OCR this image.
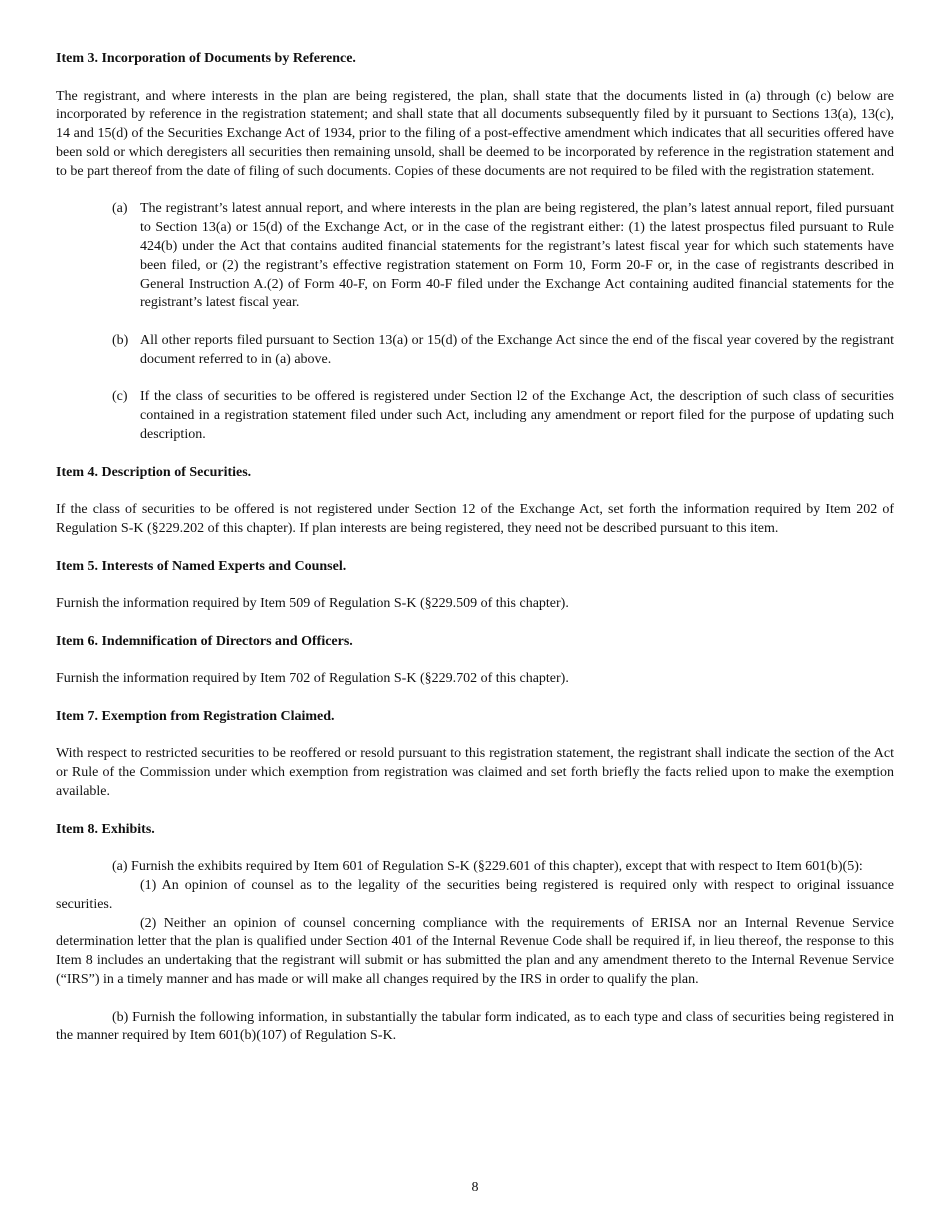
Item 3. Incorporation of Documents by Reference.

The registrant, and where interests in the plan are being registered, the plan, shall state that the documents listed in (a) through (c) below are incorporated by reference in the registration statement; and shall state that all documents subsequently filed by it pursuant to Sections 13(a), 13(c), 14 and 15(d) of the Securities Exchange Act of 1934, prior to the filing of a post-effective amendment which indicates that all securities offered have been sold or which deregisters all securities then remaining unsold, shall be deemed to be incorporated by reference in the registration statement and to be part thereof from the date of filing of such documents. Copies of these documents are not required to be filed with the registration statement.

(a) The registrant’s latest annual report, and where interests in the plan are being registered, the plan’s latest annual report, filed pursuant to Section 13(a) or 15(d) of the Exchange Act, or in the case of the registrant either: (1) the latest prospectus filed pursuant to Rule 424(b) under the Act that contains audited financial statements for the registrant’s latest fiscal year for which such statements have been filed, or (2) the registrant’s effective registration statement on Form 10, Form 20-F or, in the case of registrants described in General Instruction A.(2) of Form 40-F, on Form 40-F filed under the Exchange Act containing audited financial statements for the registrant’s latest fiscal year.
(b) All other reports filed pursuant to Section 13(a) or 15(d) of the Exchange Act since the end of the fiscal year covered by the registrant document referred to in (a) above.
(c) If the class of securities to be offered is registered under Section l2 of the Exchange Act, the description of such class of securities contained in a registration statement filed under such Act, including any amendment or report filed for the purpose of updating such description.

Item 4. Description of Securities.

If the class of securities to be offered is not registered under Section 12 of the Exchange Act, set forth the information required by Item 202 of Regulation S-K (§229.202 of this chapter). If plan interests are being registered, they need not be described pursuant to this item.

Item 5. Interests of Named Experts and Counsel.

Furnish the information required by Item 509 of Regulation S-K (§229.509 of this chapter).

Item 6. Indemnification of Directors and Officers.

Furnish the information required by Item 702 of Regulation S-K (§229.702 of this chapter).

Item 7. Exemption from Registration Claimed.

With respect to restricted securities to be reoffered or resold pursuant to this registration statement, the registrant shall indicate the section of the Act or Rule of the Commission under which exemption from registration was claimed and set forth briefly the facts relied upon to make the exemption available.

Item 8. Exhibits.

(a) Furnish the exhibits required by Item 601 of Regulation S-K (§229.601 of this chapter), except that with respect to Item 601(b)(5):

(1) An opinion of counsel as to the legality of the securities being registered is required only with respect to original issuance securities.

(2) Neither an opinion of counsel concerning compliance with the requirements of ERISA nor an Internal Revenue Service determination letter that the plan is qualified under Section 401 of the Internal Revenue Code shall be required if, in lieu thereof, the response to this Item 8 includes an undertaking that the registrant will submit or has submitted the plan and any amendment thereto to the Internal Revenue Service (“IRS”) in a timely manner and has made or will make all changes required by the IRS in order to qualify the plan.

(b) Furnish the following information, in substantially the tabular form indicated, as to each type and class of securities being registered in the manner required by Item 601(b)(107) of Regulation S-K.

8
